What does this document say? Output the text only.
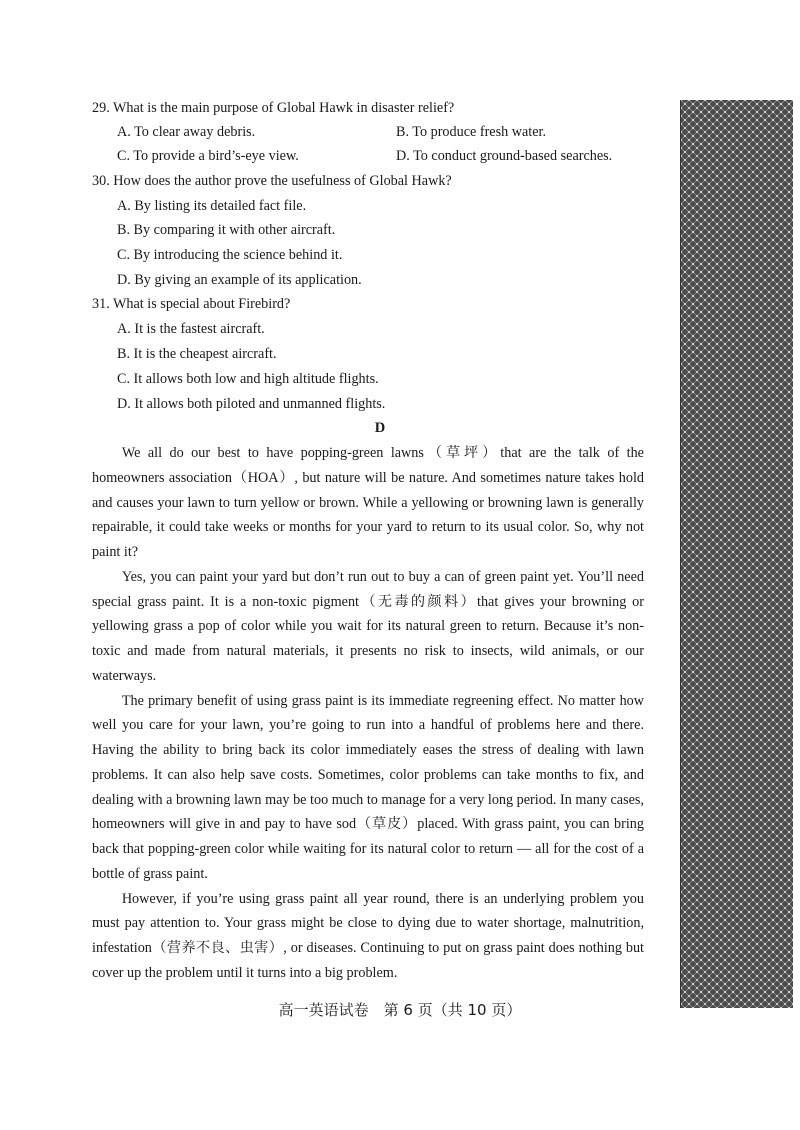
29. What is the main purpose of Global Hawk in disaster relief?
A. To clear away debris.	B. To produce fresh water.
C. To provide a bird’s-eye view.	D. To conduct ground-based searches.
30. How does the author prove the usefulness of Global Hawk?
A. By listing its detailed fact file.
B. By comparing it with other aircraft.
C. By introducing the science behind it.
D. By giving an example of its application.
31. What is special about Firebird?
A. It is the fastest aircraft.
B. It is the cheapest aircraft.
C. It allows both low and high altitude flights.
D. It allows both piloted and unmanned flights.
D

We all do our best to have popping-green lawns（草坪）that are the talk of the homeowners association（HOA）, but nature will be nature. And sometimes nature takes hold and causes your lawn to turn yellow or brown. While a yellowing or browning lawn is generally repairable, it could take weeks or months for your yard to return to its usual color. So, why not paint it?

Yes, you can paint your yard but don’t run out to buy a can of green paint yet. You’ll need special grass paint. It is a non-toxic pigment（无毒的颜料）that gives your browning or yellowing grass a pop of color while you wait for its natural green to return. Because it’s non-toxic and made from natural materials, it presents no risk to insects, wild animals, or our waterways.

The primary benefit of using grass paint is its immediate regreening effect. No matter how well you care for your lawn, you’re going to run into a handful of problems here and there. Having the ability to bring back its color immediately eases the stress of dealing with lawn problems. It can also help save costs. Sometimes, color problems can take months to fix, and dealing with a browning lawn may be too much to manage for a very long period. In many cases, homeowners will give in and pay to have sod（草皮）placed. With grass paint, you can bring back that popping-green color while waiting for its natural color to return — all for the cost of a bottle of grass paint.

However, if you’re using grass paint all year round, there is an underlying problem you must pay attention to. Your grass might be close to dying due to water shortage, malnutrition, infestation（营养不良、虫害）, or diseases. Continuing to put on grass paint does nothing but cover up the problem until it turns into a big problem.

高一英语试卷　第 6 页（共 10 页）
